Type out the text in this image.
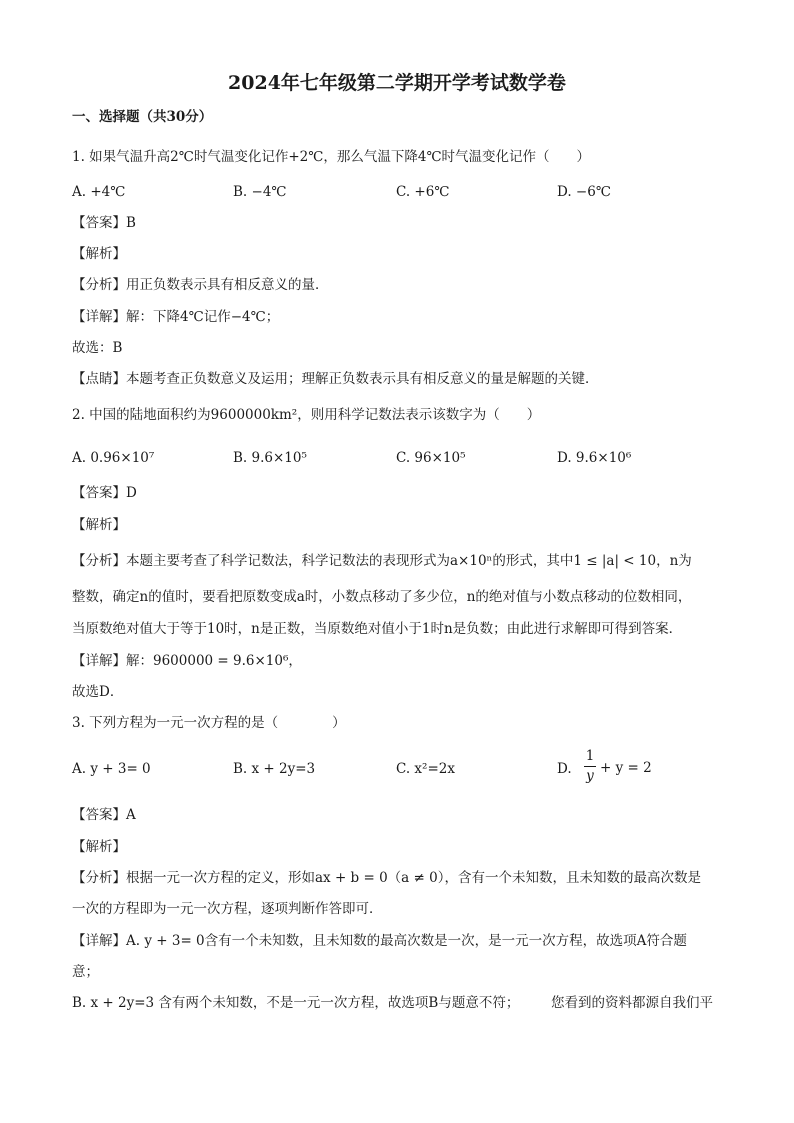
2024年七年级第二学期开学考试数学卷
一、选择题（共30分）
1. 如果气温升高2℃时气温变化记作+2℃，那么气温下降4℃时气温变化记作（　　）
A. +4℃	B. −4℃	C. +6℃	D. −6℃
【答案】B
【解析】
【分析】用正负数表示具有相反意义的量．
【详解】解：下降4℃记作−4℃；
故选：B
【点睛】本题考查正负数意义及运用；理解正负数表示具有相反意义的量是解题的关键．
2. 中国的陆地面积约为9600000km²，则用科学记数法表示该数字为（　　）
A. 0.96×10⁷	B. 9.6×10⁵	C. 96×10⁵	D. 9.6×10⁶
【答案】D
【解析】
【分析】本题主要考查了科学记数法，科学记数法的表现形式为a×10ⁿ的形式，其中1 ≤ |a| < 10，n为
整数，确定n的值时，要看把原数变成a时，小数点移动了多少位，n的绝对值与小数点移动的位数相同，
当原数绝对值大于等于10时，n是正数，当原数绝对值小于1时n是负数；由此进行求解即可得到答案．
【详解】解：9600000 = 9.6×10⁶，
故选D．
3. 下列方程为一元一次方程的是（　　　　）
A. y + 3= 0	B. x + 2y=3	C. x²=2x	D.
1
y + y = 2
【答案】A
【解析】
【分析】根据一元一次方程的定义，形如ax + b = 0（a ≠ 0），含有一个未知数，且未知数的最高次数是
一次的方程即为一元一次方程，逐项判断作答即可．
【详解】A. y + 3= 0含有一个未知数，且未知数的最高次数是一次，是一元一次方程，故选项A符合题
意；
B. x + 2y=3 含有两个未知数，不是一元一次方程，故选项B与题意不符； 您看到的资料都源自我们平
